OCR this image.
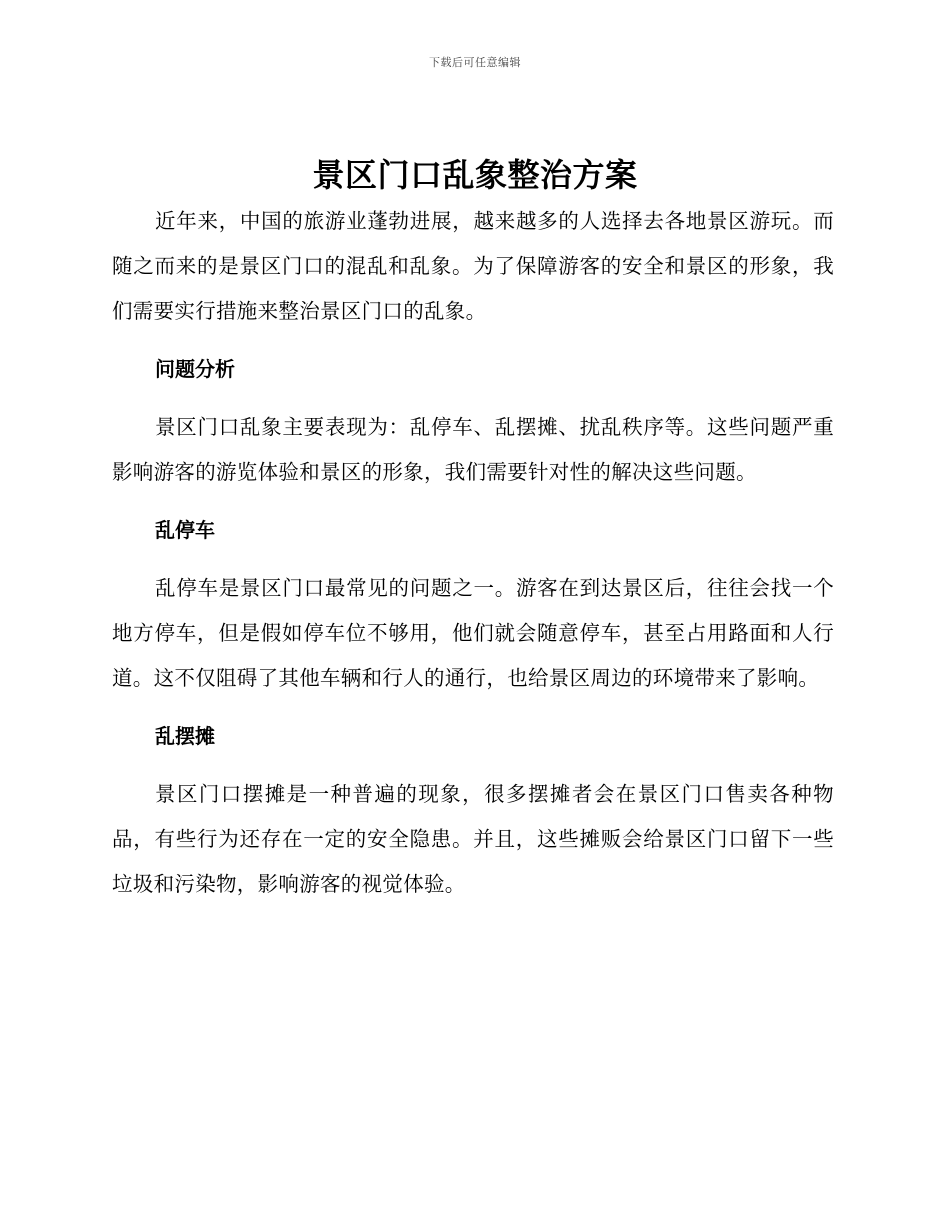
下载后可任意编辑
景区门口乱象整治方案

近年来，中国的旅游业蓬勃进展，越来越多的人选择去各地景区游玩。而随之而来的是景区门口的混乱和乱象。为了保障游客的安全和景区的形象，我们需要实行措施来整治景区门口的乱象。

问题分析

景区门口乱象主要表现为：乱停车、乱摆摊、扰乱秩序等。这些问题严重影响游客的游览体验和景区的形象，我们需要针对性的解决这些问题。

乱停车

乱停车是景区门口最常见的问题之一。游客在到达景区后，往往会找一个地方停车，但是假如停车位不够用，他们就会随意停车，甚至占用路面和人行道。这不仅阻碍了其他车辆和行人的通行，也给景区周边的环境带来了影响。

乱摆摊

景区门口摆摊是一种普遍的现象，很多摆摊者会在景区门口售卖各种物品，有些行为还存在一定的安全隐患。并且，这些摊贩会给景区门口留下一些垃圾和污染物，影响游客的视觉体验。
